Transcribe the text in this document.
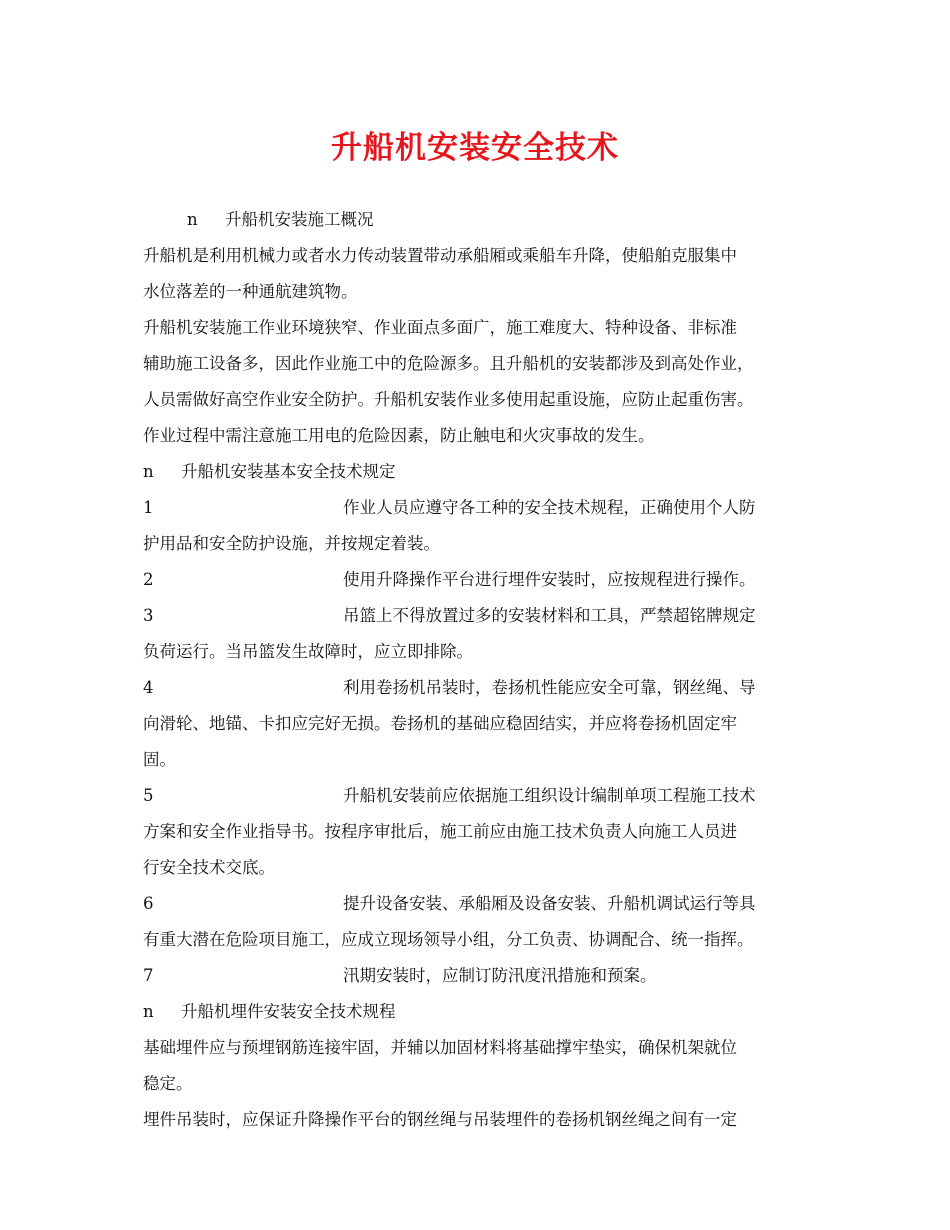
升船机安装安全技术
n 升船机安装施工概况
升船机是利用机械力或者水力传动装置带动承船厢或乘船车升降，使船舶克服集中
水位落差的一种通航建筑物。
升船机安装施工作业环境狭窄、作业面点多面广，施工难度大、特种设备、非标准
辅助施工设备多，因此作业施工中的危险源多。且升船机的安装都涉及到高处作业，
人员需做好高空作业安全防护。升船机安装作业多使用起重设施，应防止起重伤害。
作业过程中需注意施工用电的危险因素，防止触电和火灾事故的发生。
n 升船机安装基本安全技术规定
1	作业人员应遵守各工种的安全技术规程，正确使用个人防
护用品和安全防护设施，并按规定着装。
2	使用升降操作平台进行埋件安装时，应按规程进行操作。
3	吊篮上不得放置过多的安装材料和工具，严禁超铭牌规定
负荷运行。当吊篮发生故障时，应立即排除。
4	利用卷扬机吊装时，卷扬机性能应安全可靠，钢丝绳、导
向滑轮、地锚、卡扣应完好无损。卷扬机的基础应稳固结实，并应将卷扬机固定牢
固。
5	升船机安装前应依据施工组织设计编制单项工程施工技术
方案和安全作业指导书。按程序审批后，施工前应由施工技术负责人向施工人员进
行安全技术交底。
6	提升设备安装、承船厢及设备安装、升船机调试运行等具
有重大潜在危险项目施工，应成立现场领导小组，分工负责、协调配合、统一指挥。
7	汛期安装时，应制订防汛度汛措施和预案。
n 升船机埋件安装安全技术规程
基础埋件应与预埋钢筋连接牢固，并辅以加固材料将基础撑牢垫实，确保机架就位
稳定。
埋件吊装时，应保证升降操作平台的钢丝绳与吊装埋件的卷扬机钢丝绳之间有一定
